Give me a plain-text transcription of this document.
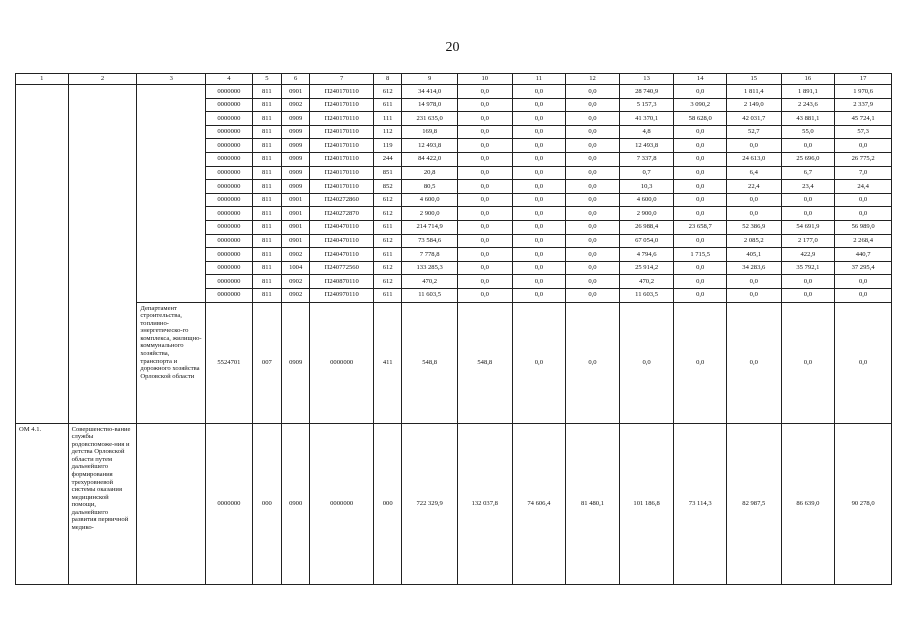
20
1	2	3	4	5	6	7	8	9	10	11	12	13	14	15	16	17
			0000000	811	0901	П240170110	612	34 414,0	0,0	0,0	0,0	28 740,9	0,0	1 811,4	1 891,1	1 970,6
			0000000	811	0902	П240170110	611	14 978,0	0,0	0,0	0,0	5 157,3	3 090,2	2 149,0	2 243,6	2 337,9
			0000000	811	0909	П240170110	111	231 635,0	0,0	0,0	0,0	41 370,1	58 628,0	42 031,7	43 881,1	45 724,1
			0000000	811	0909	П240170110	112	169,8	0,0	0,0	0,0	4,8	0,0	52,7	55,0	57,3
			0000000	811	0909	П240170110	119	12 493,8	0,0	0,0	0,0	12 493,8	0,0	0,0	0,0	0,0
			0000000	811	0909	П240170110	244	84 422,0	0,0	0,0	0,0	7 337,8	0,0	24 613,0	25 696,0	26 775,2
			0000000	811	0909	П240170110	851	20,8	0,0	0,0	0,0	0,7	0,0	6,4	6,7	7,0
			0000000	811	0909	П240170110	852	80,5	0,0	0,0	0,0	10,3	0,0	22,4	23,4	24,4
			0000000	811	0901	П240272860	612	4 600,0	0,0	0,0	0,0	4 600,0	0,0	0,0	0,0	0,0
			0000000	811	0901	П240272870	612	2 900,0	0,0	0,0	0,0	2 900,0	0,0	0,0	0,0	0,0
			0000000	811	0901	П240470110	611	214 714,9	0,0	0,0	0,0	26 988,4	23 658,7	52 386,9	54 691,9	56 989,0
			0000000	811	0901	П240470110	612	73 584,6	0,0	0,0	0,0	67 054,0	0,0	2 085,2	2 177,0	2 268,4
			0000000	811	0902	П240470110	611	7 778,8	0,0	0,0	0,0	4 794,6	1 715,5	405,1	422,9	440,7
			0000000	811	1004	П240772560	612	133 285,3	0,0	0,0	0,0	25 914,2	0,0	34 283,6	35 792,1	37 295,4
			0000000	811	0902	П240870110	612	470,2	0,0	0,0	0,0	470,2	0,0	0,0	0,0	0,0
			0000000	811	0902	П240970110	611	11 603,5	0,0	0,0	0,0	11 603,5	0,0	0,0	0,0	0,0
		Департамент строительства, топливно-энергетическо-го комплекса, жилищно-коммунального хозяйства, транспорта и дорожного хозяйства Орловской области	5524701	007	0909	0000000	411	548,8	548,8	0,0	0,0	0,0	0,0	0,0	0,0	0,0
ОМ 4.1.	Совершенство-вание службы родовспоможе-ния и детства Орловской области путем дальнейшего формирования трехуровневой системы оказания медицинской помощи, дальнейшего развития первичной медико-		0000000	000	0900	0000000	000	722 329,9	132 037,8	74 606,4	81 480,1	101 186,8	73 114,3	82 987,5	86 639,0	90 278,0
